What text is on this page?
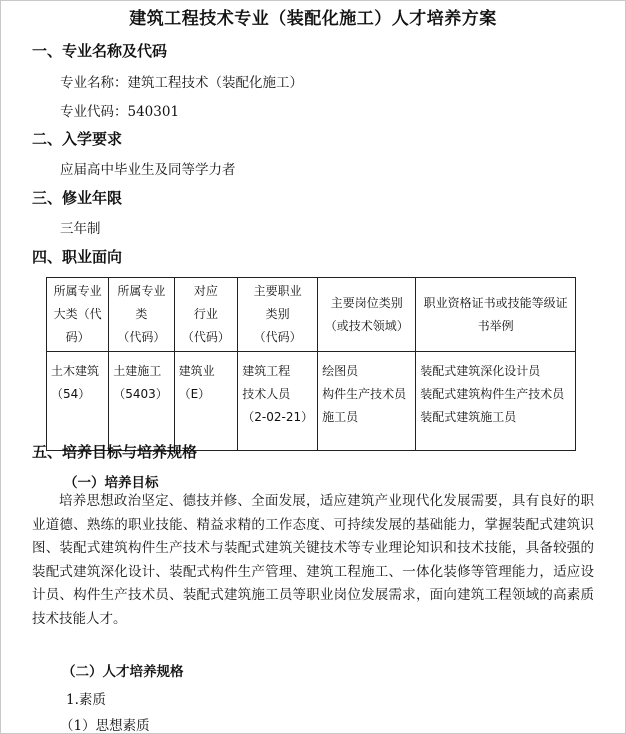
建筑工程技术专业（装配化施工）人才培养方案
一、专业名称及代码
专业名称：建筑工程技术（装配化施工）
专业代码：540301
二、入学要求
应届高中毕业生及同等学力者
三、修业年限
三年制
四、职业面向
所属专业
大类（代
码）	所属专业
类
（代码）	对应
行业
（代码）	主要职业
类别
（代码）	主要岗位类别
（或技术领域）	职业资格证书或技能等级证
书举例

土木建筑
（54）	土建施工
（5403）	建筑业
（E）	建筑工程
技术人员
（2-02-21）	绘图员
构件生产技术员
施工员	装配式建筑深化设计员
装配式建筑构件生产技术员
装配式建筑施工员
五、培养目标与培养规格
（一）培养目标
培养思想政治坚定、德技并修、全面发展，适应建筑产业现代化发展需要，具有良好的职业道德、熟练的职业技能、精益求精的工作态度、可持续发展的基础能力，掌握装配式建筑识图、装配式建筑构件生产技术与装配式建筑关键技术等专业理论知识和技术技能，具备较强的装配式建筑深化设计、装配式构件生产管理、建筑工程施工、一体化装修等管理能力，适应设计员、构件生产技术员、装配式建筑施工员等职业岗位发展需求，面向建筑工程领域的高素质技术技能人才。
（二）人才培养规格
1.素质
（1）思想素质
